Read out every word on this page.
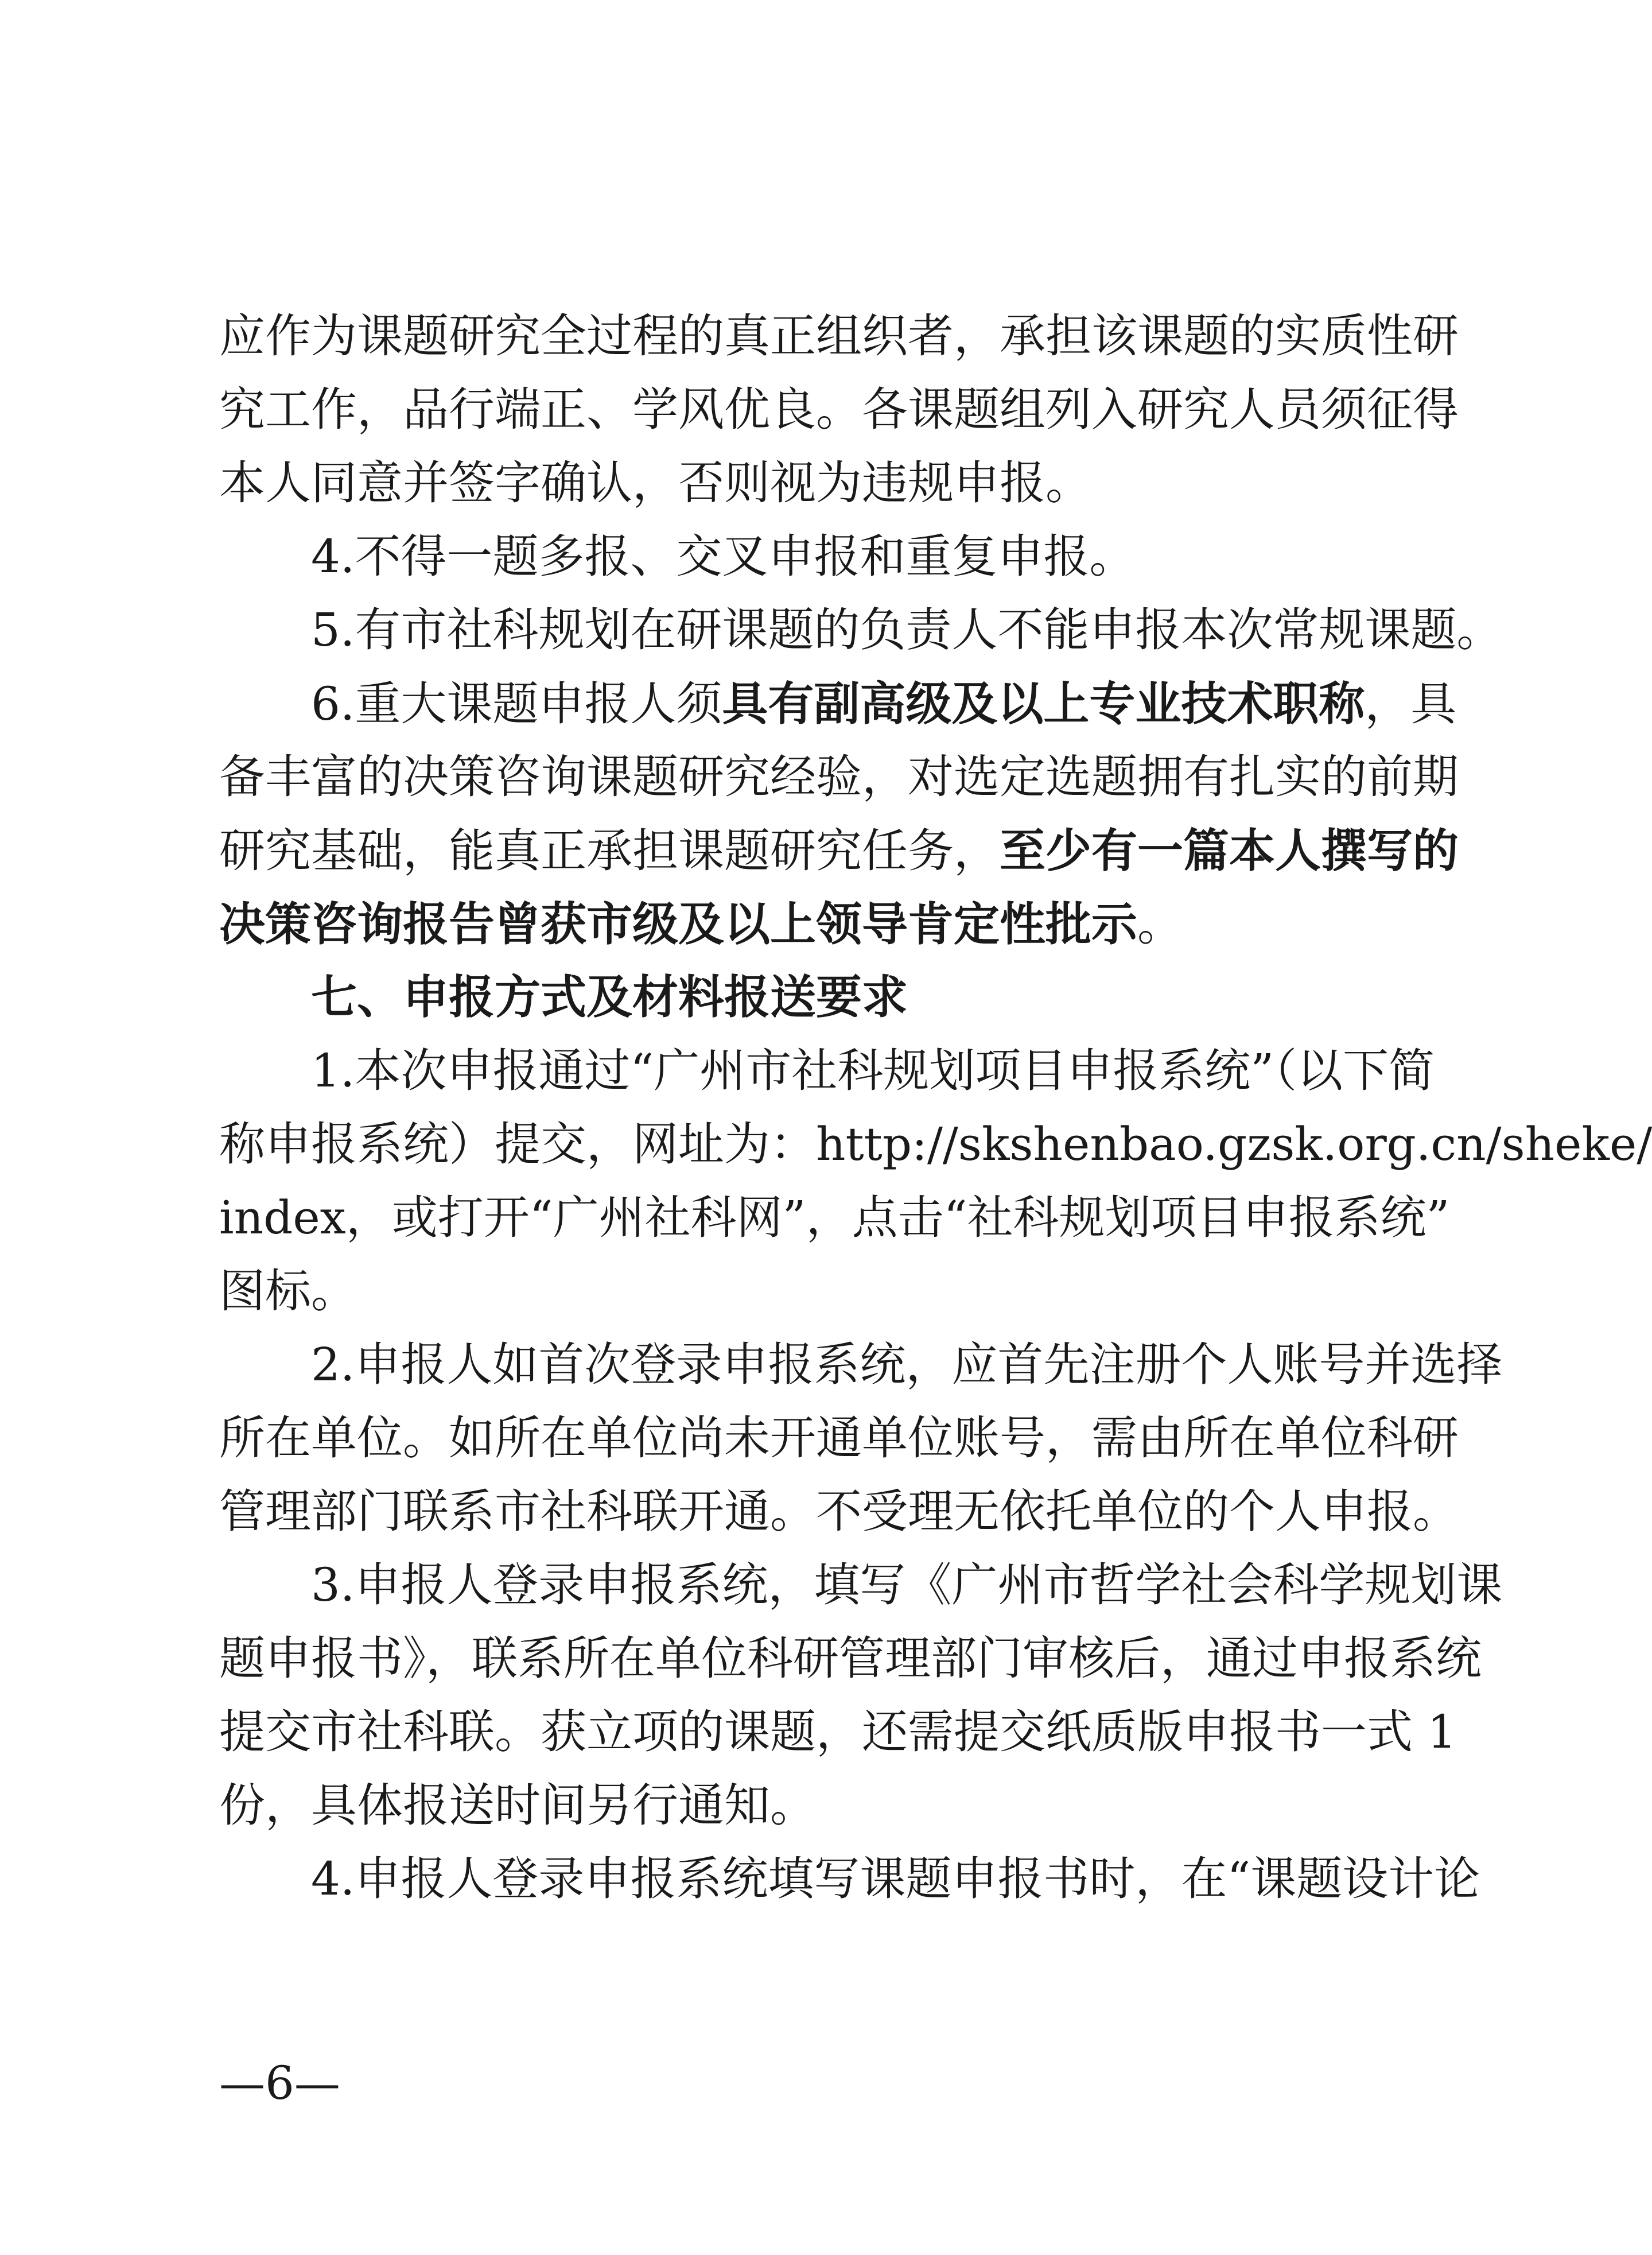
应作为课题研究全过程的真正组织者，承担该课题的实质性研
究工作，品行端正、学风优良。各课题组列入研究人员须征得
本人同意并签字确认，否则视为违规申报。
4.不得一题多报、交叉申报和重复申报。
5.有市社科规划在研课题的负责人不能申报本次常规课题。
6.重大课题申报人须具有副高级及以上专业技术职称，具
备丰富的决策咨询课题研究经验，对选定选题拥有扎实的前期
研究基础，能真正承担课题研究任务，至少有一篇本人撰写的
决策咨询报告曾获市级及以上领导肯定性批示。
七、申报方式及材料报送要求
1.本次申报通过“广州市社科规划项目申报系统”（以下简
称申报系统）提交，网址为：http://skshenbao.gzsk.org.cn/sheke/
index，或打开“广州社科网”，点击“社科规划项目申报系统”
图标。
2.申报人如首次登录申报系统，应首先注册个人账号并选择
所在单位。如所在单位尚未开通单位账号，需由所在单位科研
管理部门联系市社科联开通。不受理无依托单位的个人申报。
3.申报人登录申报系统，填写《广州市哲学社会科学规划课
题申报书》，联系所在单位科研管理部门审核后，通过申报系统
提交市社科联。获立项的课题，还需提交纸质版申报书一式 1
份，具体报送时间另行通知。
4.申报人登录申报系统填写课题申报书时，在“课题设计论
—6—
